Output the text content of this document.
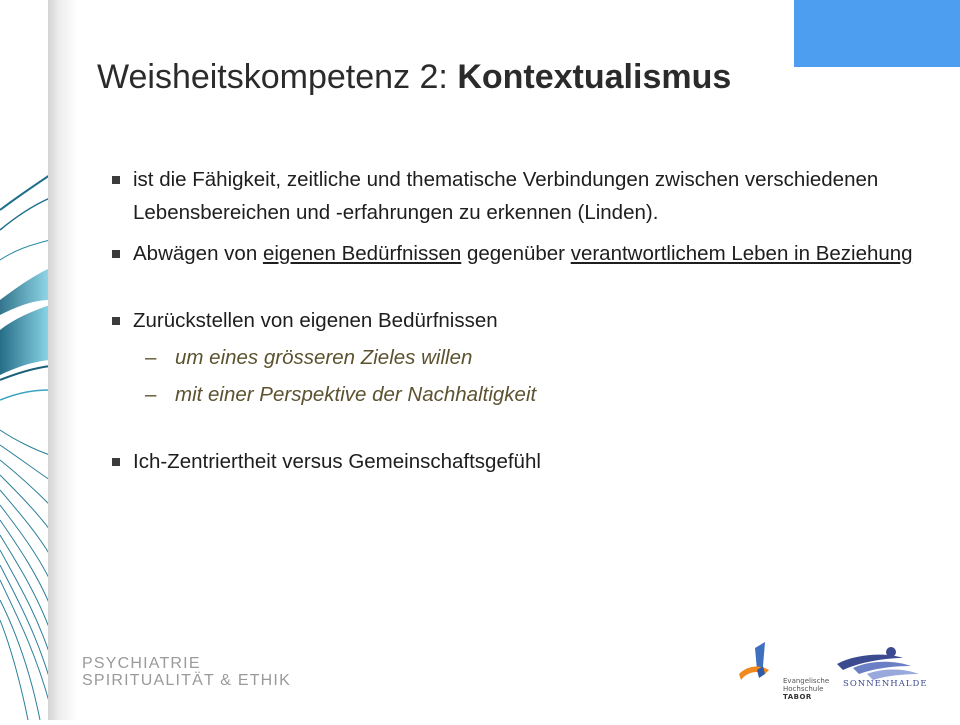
Weisheitskompetenz 2: Kontextualismus
ist die Fähigkeit, zeitliche und thematische Verbindungen zwischen verschiedenen Lebensbereichen und -erfahrungen zu erkennen (Linden).
Abwägen von eigenen Bedürfnissen gegenüber verantwortlichem Leben in Beziehung
Zurückstellen von eigenen Bedürfnissen
– um eines grösseren Zieles willen
– mit einer Perspektive der Nachhaltigkeit
Ich-Zentriertheit versus Gemeinschaftsgefühl
PSYCHIATRIE
SPIRITUALITÄT & ETHIK	Evangelische
Hochschule
TABOR
SONNENHALDE
